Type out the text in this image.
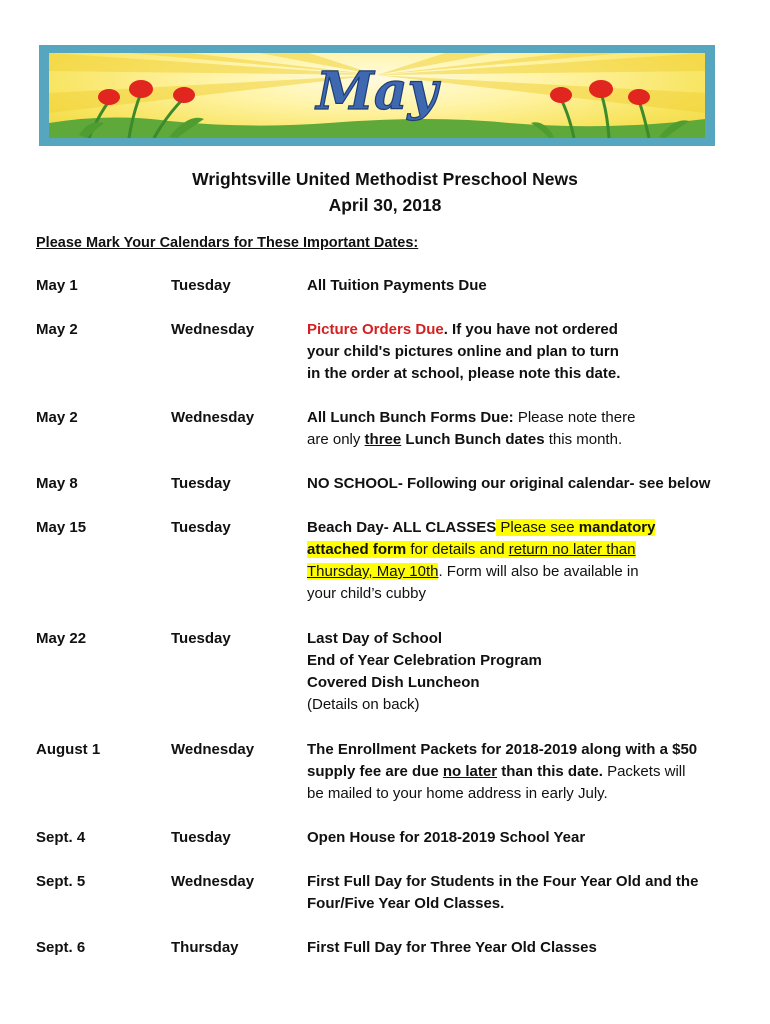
May
Wrightsville United Methodist Preschool News
April 30, 2018
Please Mark Your Calendars for These Important Dates:
May 1	Tuesday	All Tuition Payments Due
May 2	Wednesday	Picture Orders Due. If you have not ordered
your child's pictures online and plan to turn
in the order at school, please note this date.
May 2	Wednesday	All Lunch Bunch Forms Due: Please note there
are only three Lunch Bunch dates this month.
May 8	Tuesday	NO SCHOOL- Following our original calendar- see below
May 15	Tuesday	Beach Day- ALL CLASSES Please see mandatory
attached form for details and return no later than
Thursday, May 10th. Form will also be available in
your child’s cubby
May 22	Tuesday	Last Day of School
End of Year Celebration Program
Covered Dish Luncheon
(Details on back)
August 1	Wednesday	The Enrollment Packets for 2018-2019 along with a $50
supply fee are due no later than this date. Packets will
be mailed to your home address in early July.
Sept. 4	Tuesday	Open House for 2018-2019 School Year
Sept. 5	Wednesday	First Full Day for Students in the Four Year Old and the
Four/Five Year Old Classes.
Sept. 6	Thursday	First Full Day for Three Year Old Classes
